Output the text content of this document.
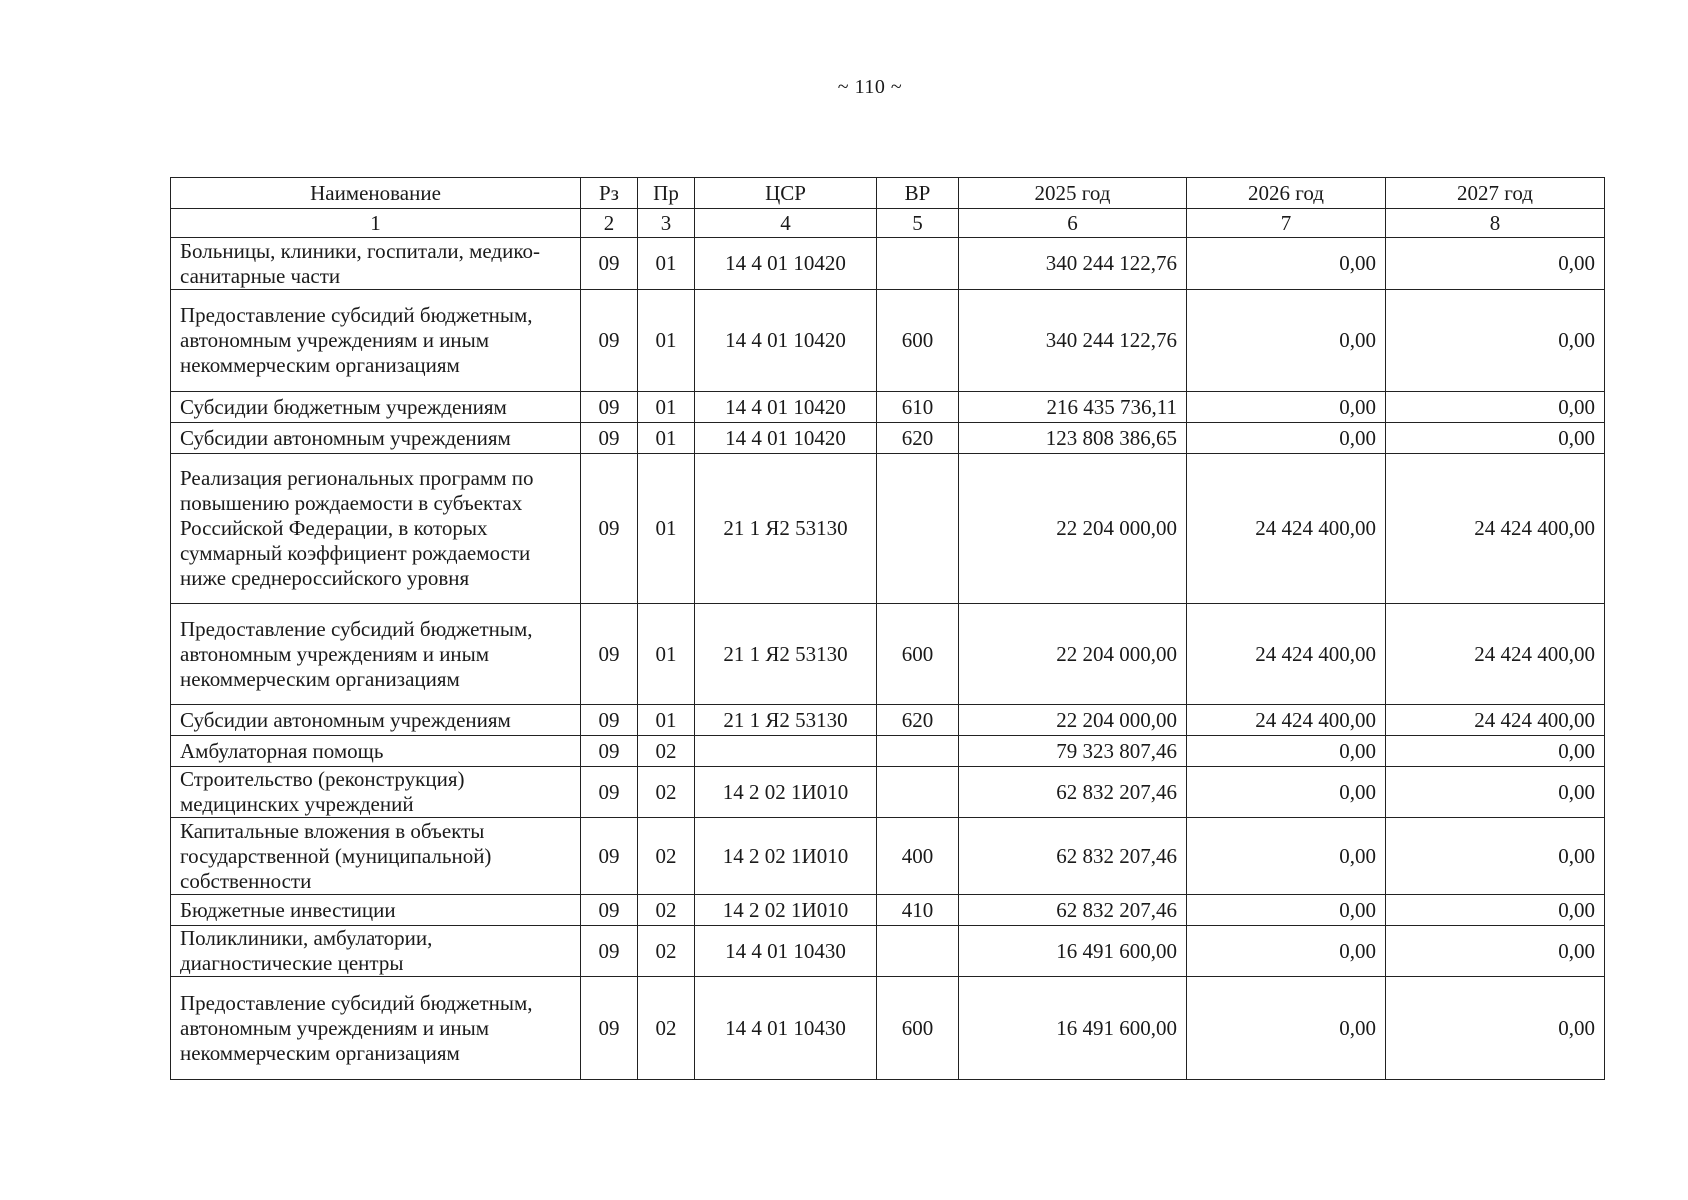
~ 110 ~
Наименование	Рз	Пр	ЦСР	ВР	2025 год	2026 год	2027 год
1	2	3	4	5	6	7	8
Больницы, клиники, госпитали, медико-санитарные части	09	01	14 4 01 10420		340 244 122,76	0,00	0,00
Предоставление субсидий бюджетным, автономным учреждениям и иным некоммерческим организациям	09	01	14 4 01 10420	600	340 244 122,76	0,00	0,00
Субсидии бюджетным учреждениям	09	01	14 4 01 10420	610	216 435 736,11	0,00	0,00
Субсидии автономным учреждениям	09	01	14 4 01 10420	620	123 808 386,65	0,00	0,00
Реализация региональных программ по повышению рождаемости в субъектах Российской Федерации, в которых суммарный коэффициент рождаемости ниже среднероссийского уровня	09	01	21 1 Я2 53130		22 204 000,00	24 424 400,00	24 424 400,00
Предоставление субсидий бюджетным, автономным учреждениям и иным некоммерческим организациям	09	01	21 1 Я2 53130	600	22 204 000,00	24 424 400,00	24 424 400,00
Субсидии автономным учреждениям	09	01	21 1 Я2 53130	620	22 204 000,00	24 424 400,00	24 424 400,00
Амбулаторная помощь	09	02			79 323 807,46	0,00	0,00
Строительство (реконструкция) медицинских учреждений	09	02	14 2 02 1И010		62 832 207,46	0,00	0,00
Капитальные вложения в объекты государственной (муниципальной) собственности	09	02	14 2 02 1И010	400	62 832 207,46	0,00	0,00
Бюджетные инвестиции	09	02	14 2 02 1И010	410	62 832 207,46	0,00	0,00
Поликлиники, амбулатории, диагностические центры	09	02	14 4 01 10430		16 491 600,00	0,00	0,00
Предоставление субсидий бюджетным, автономным учреждениям и иным некоммерческим организациям	09	02	14 4 01 10430	600	16 491 600,00	0,00	0,00
